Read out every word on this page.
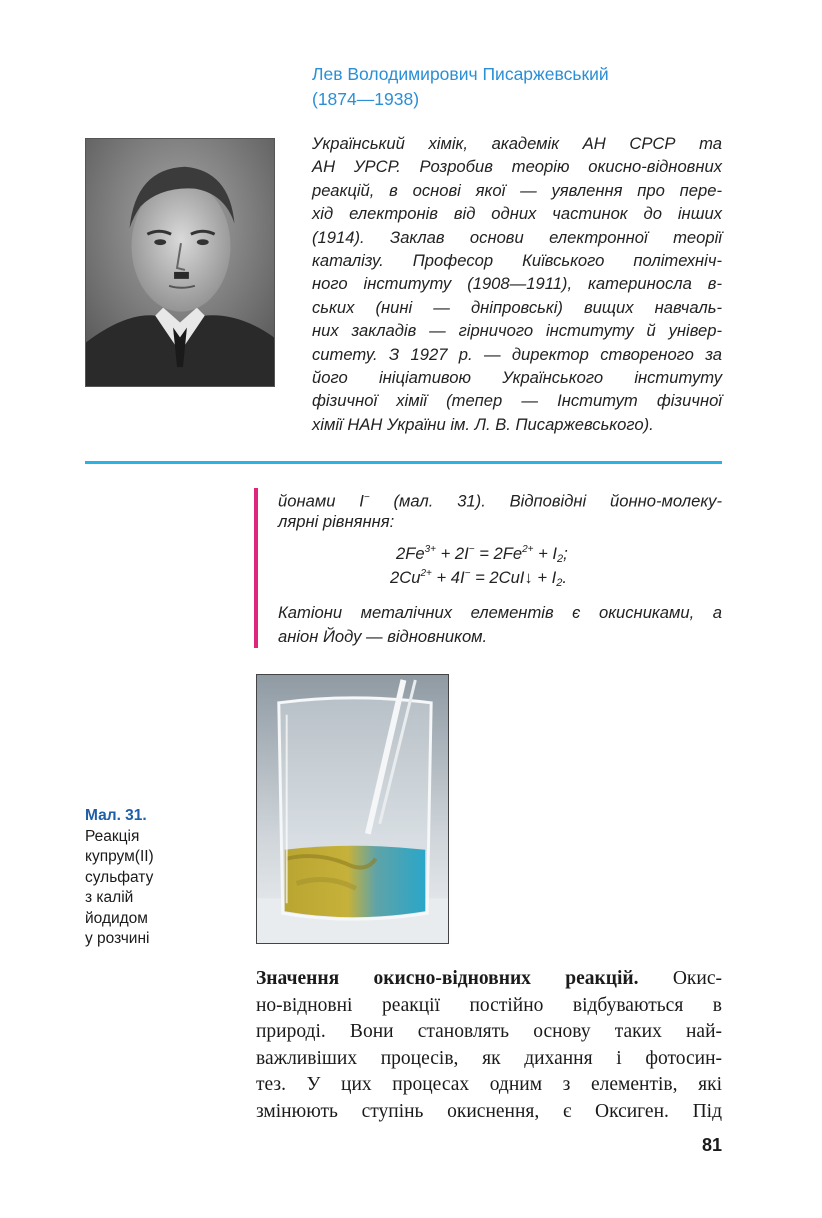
Лев Володимирович Писаржевський
(1874—1938)
Український хімік, академік АН СРСР та
АН УРСР. Розробив теорію окисно-відновних
реакцій, в основі якої — уявлення про пере-
хід електронів від одних частинок до інших
(1914). Заклав основи електронної теорії
каталізу. Професор Київського політехніч-
ного інституту (1908—1911), катериносла в-
ських (нині — дніпровські) вищих навчаль-
них закладів — гірничого інституту й універ-
ситету. З 1927 р. — директор створеного за
його ініціативою Українського інституту
фізичної хімії (тепер — Інститут фізичної
хімії НАН України ім. Л. В. Писаржевського).
йонами I− (мал. 31). Відповідні йонно-молеку-
лярні рівняння:
$2Fe^{3+} + 2I^- = 2Fe^{2+} + I_2$;
$2Cu^{2+} + 4I^-$ = 2CuI↓ + $I_2$.
Катіони металічних елементів є окисниками, а
аніон Йоду — відновником.
Мал. 31.
Реакція
купрум(II)
сульфату
з калій
йодидом
у розчині
Значення окисно-відновних реакцій. Окис-
но-відновні реакції постійно відбуваються в
природі. Вони становлять основу таких най-
важливіших процесів, як дихання і фотосин-
тез. У цих процесах одним з елементів, які
змінюють ступінь окиснення, є Оксиген. Під
81
